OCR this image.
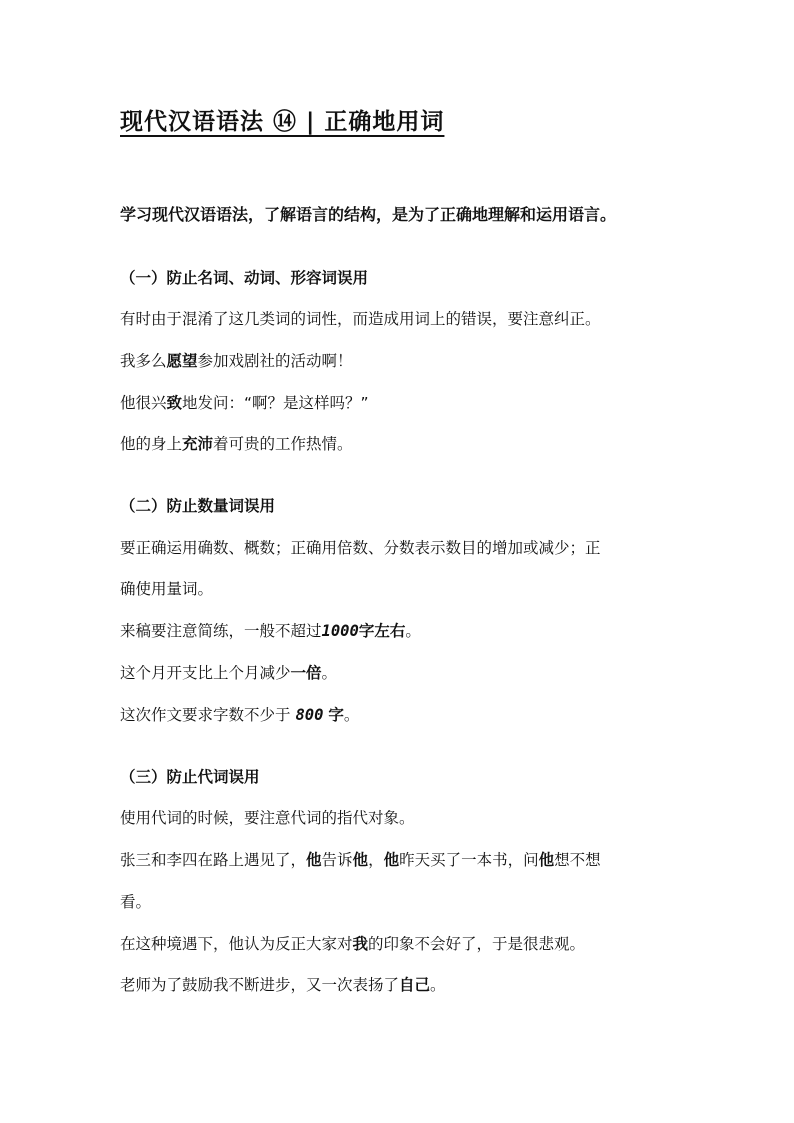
现代汉语语法 ⑭ | 正确地用词
学习现代汉语语法，了解语言的结构，是为了正确地理解和运用语言。
（一）防止名词、动词、形容词误用
有时由于混淆了这几类词的词性，而造成用词上的错误，要注意纠正。
我多么愿望参加戏剧社的活动啊！
他很兴致地发问：“啊？是这样吗？”
他的身上充沛着可贵的工作热情。
（二）防止数量词误用
要正确运用确数、概数；正确用倍数、分数表示数目的增加或减少；正
确使用量词。
来稿要注意简练，一般不超过1000字左右。
这个月开支比上个月减少一倍。
这次作文要求字数不少于 800 字。
（三）防止代词误用
使用代词的时候，要注意代词的指代对象。
张三和李四在路上遇见了，他告诉他，他昨天买了一本书，问他想不想
看。
在这种境遇下，他认为反正大家对我的印象不会好了，于是很悲观。
老师为了鼓励我不断进步，又一次表扬了自己。
